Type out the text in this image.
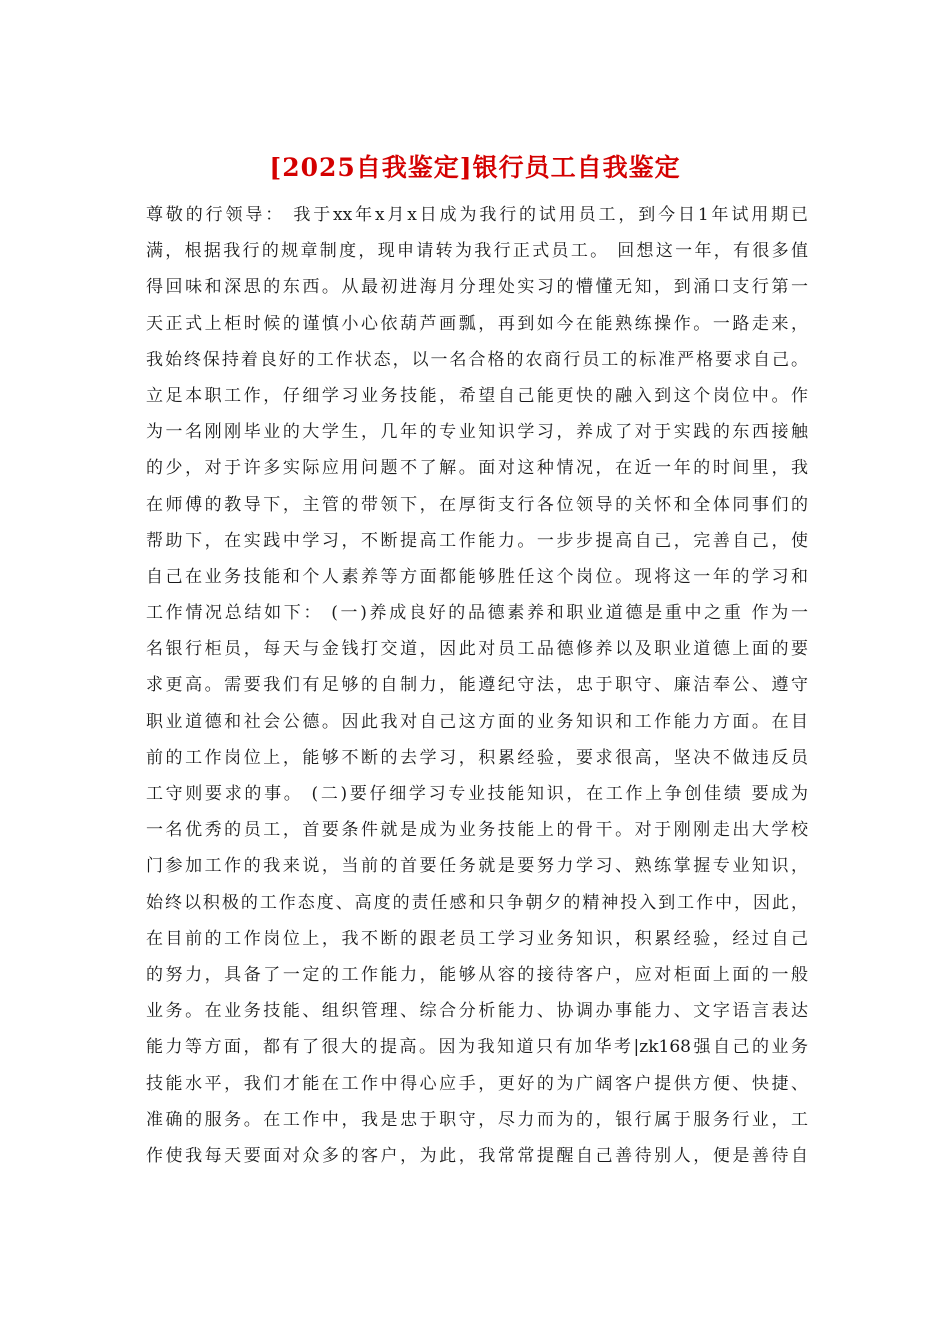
[2025自我鉴定]银行员工自我鉴定
尊敬的行领导： 我于xx年x月x日成为我行的试用员工，到今日1年试用期已
满，根据我行的规章制度，现申请转为我行正式员工。 回想这一年，有很多值
得回味和深思的东西。从最初进海月分理处实习的懵懂无知，到涌口支行第一
天正式上柜时候的谨慎小心依葫芦画瓢，再到如今在能熟练操作。一路走来，
我始终保持着良好的工作状态，以一名合格的农商行员工的标准严格要求自己。
立足本职工作，仔细学习业务技能，希望自己能更快的融入到这个岗位中。作
为一名刚刚毕业的大学生，几年的专业知识学习，养成了对于实践的东西接触
的少，对于许多实际应用问题不了解。面对这种情况，在近一年的时间里，我
在师傅的教导下，主管的带领下，在厚街支行各位领导的关怀和全体同事们的
帮助下，在实践中学习，不断提高工作能力。一步步提高自己，完善自己，使
自己在业务技能和个人素养等方面都能够胜任这个岗位。现将这一年的学习和
工作情况总结如下： (一)养成良好的品德素养和职业道德是重中之重 作为一
名银行柜员，每天与金钱打交道，因此对员工品德修养以及职业道德上面的要
求更高。需要我们有足够的自制力，能遵纪守法，忠于职守、廉洁奉公、遵守
职业道德和社会公德。因此我对自己这方面的业务知识和工作能力方面。在目
前的工作岗位上，能够不断的去学习，积累经验，要求很高，坚决不做违反员
工守则要求的事。 (二)要仔细学习专业技能知识，在工作上争创佳绩 要成为
一名优秀的员工，首要条件就是成为业务技能上的骨干。对于刚刚走出大学校
门参加工作的我来说，当前的首要任务就是要努力学习、熟练掌握专业知识，
始终以积极的工作态度、高度的责任感和只争朝夕的精神投入到工作中，因此，
在目前的工作岗位上，我不断的跟老员工学习业务知识，积累经验，经过自己
的努力，具备了一定的工作能力，能够从容的接待客户，应对柜面上面的一般
业务。在业务技能、组织管理、综合分析能力、协调办事能力、文字语言表达
能力等方面，都有了很大的提高。因为我知道只有加华考|zk168强自己的业务
技能水平，我们才能在工作中得心应手，更好的为广阔客户提供方便、快捷、
准确的服务。在工作中，我是忠于职守，尽力而为的，银行属于服务行业，工
作使我每天要面对众多的客户，为此，我常常提醒自己善待别人，便是善待自
